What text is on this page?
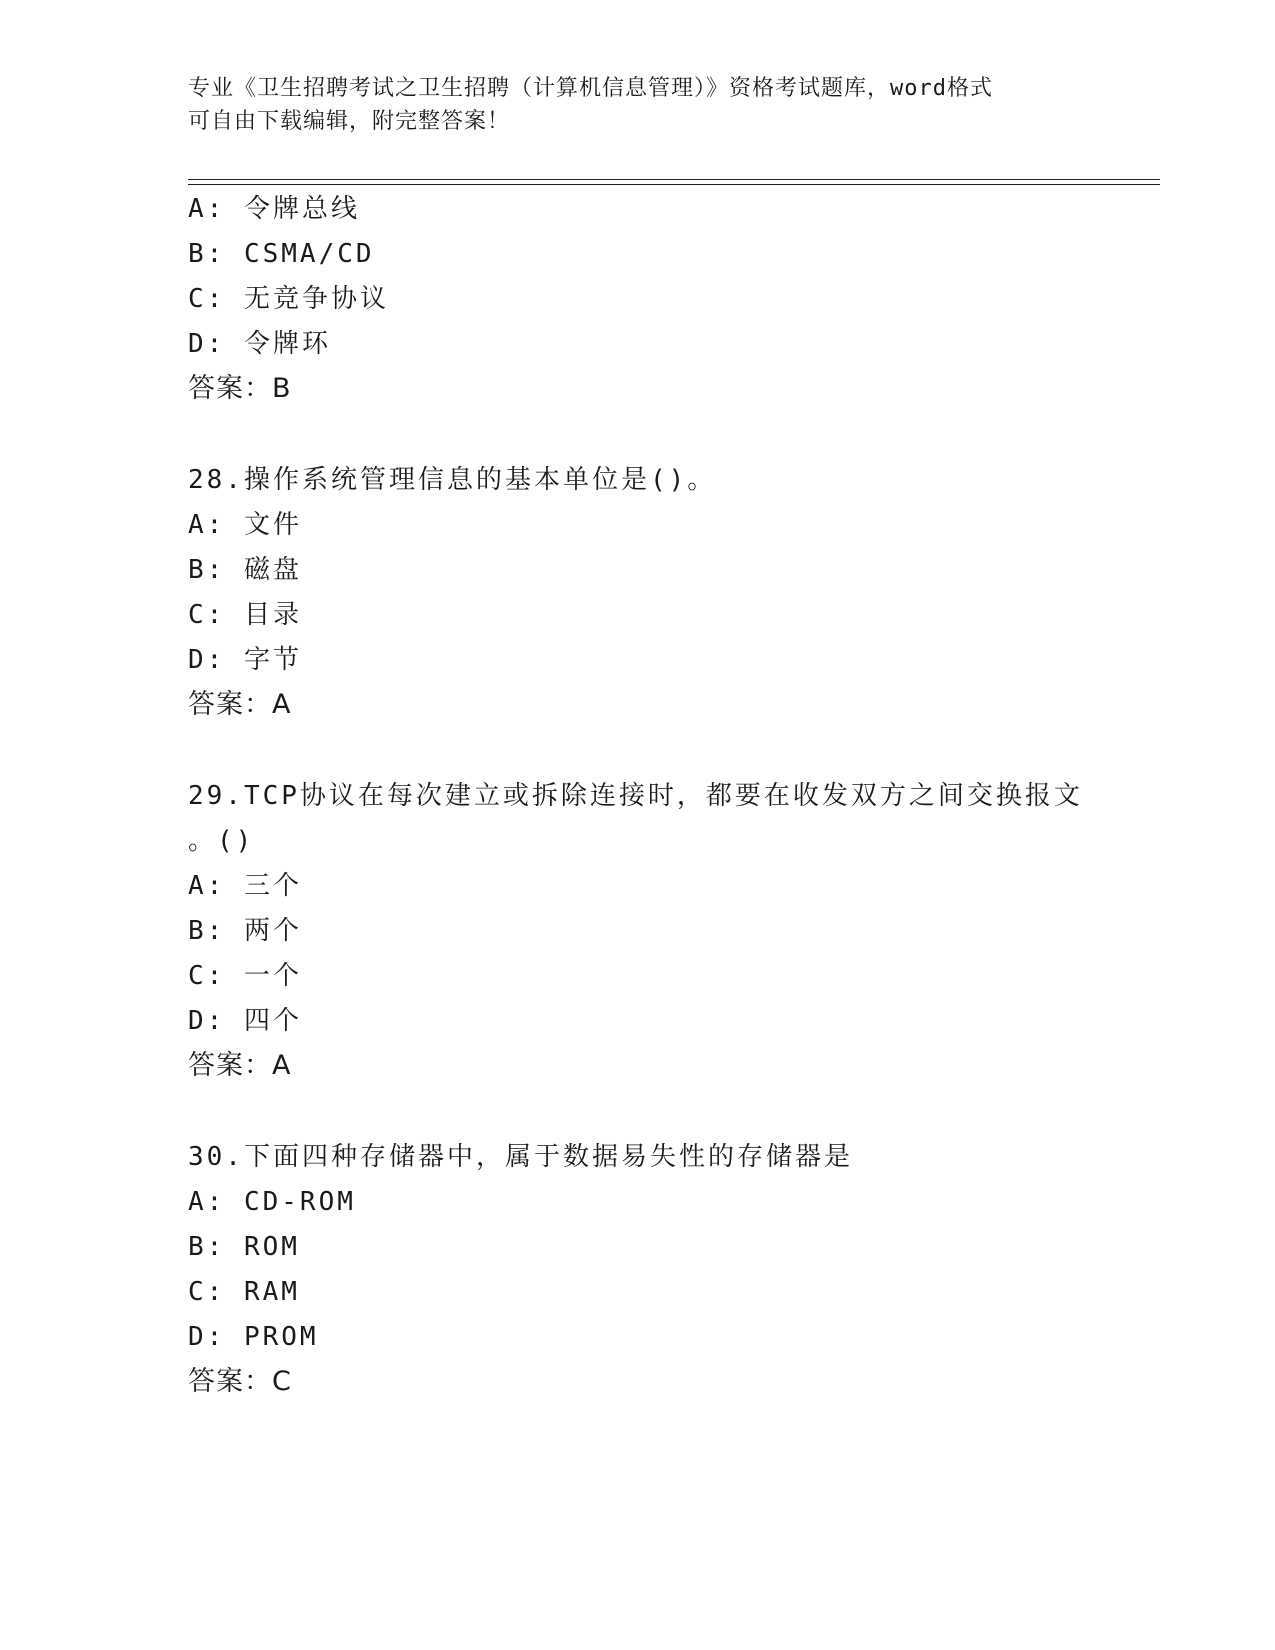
专业《卫生招聘考试之卫生招聘（计算机信息管理）》资格考试题库，word格式
可自由下载编辑，附完整答案！
A: 令牌总线
B: CSMA/CD
C: 无竞争协议
D: 令牌环
答案：B
28.操作系统管理信息的基本单位是()。
A: 文件
B: 磁盘
C: 目录
D: 字节
答案：A
29.TCP协议在每次建立或拆除连接时，都要在收发双方之间交换报文
。()
A: 三个
B: 两个
C: 一个
D: 四个
答案：A
30.下面四种存储器中，属于数据易失性的存储器是
A: CD-ROM
B: ROM
C: RAM
D: PROM
答案：C
